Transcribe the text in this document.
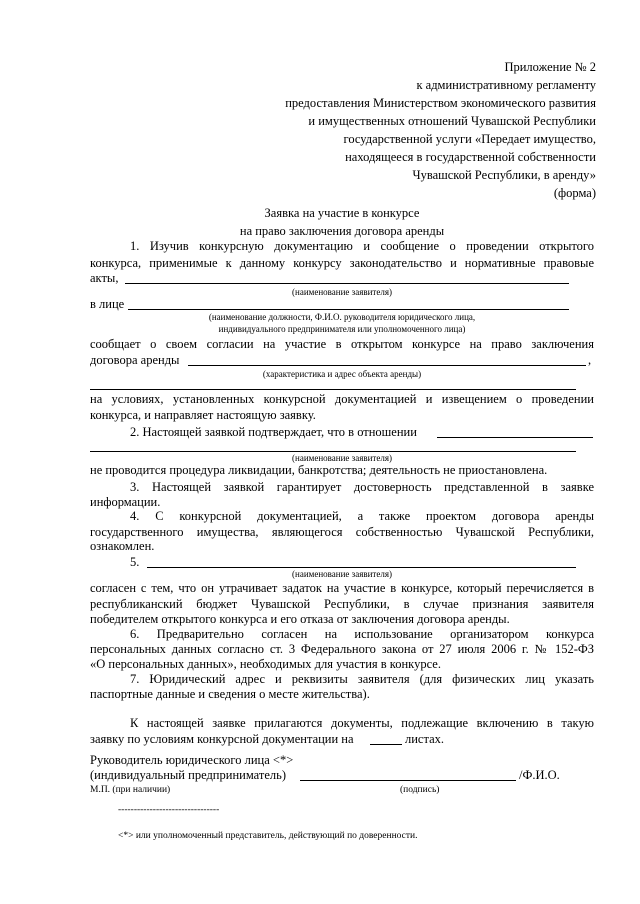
Приложение № 2
к административному регламенту
предоставления Министерством экономического развития
и имущественных отношений Чувашской Республики
государственной услуги «Передает имущество,
находящееся в государственной собственности
Чувашской Республики, в аренду»
(форма)
Заявка на участие в конкурсе
на право заключения договора аренды
1. Изучив конкурсную документацию и сообщение о проведении открытого
конкурса, применимые к данному конкурсу законодательство и нормативные правовые
акты,
(наименование заявителя)
в лице
(наименование должности, Ф.И.О. руководителя юридического лица,
индивидуального предпринимателя или уполномоченного лица)
сообщает о своем согласии на участие в открытом конкурсе на право заключения
договора аренды	,
(характеристика и адрес объекта аренды)
на условиях, установленных конкурсной документацией и извещением о проведении
конкурса, и направляет настоящую заявку.
2. Настоящей заявкой подтверждает, что в отношении
(наименование заявителя)
не проводится процедура ликвидации, банкротства; деятельность не приостановлена.
3. Настоящей заявкой гарантирует достоверность представленной в заявке
информации.
4. С конкурсной документацией, а также проектом договора аренды
государственного имущества, являющегося собственностью Чувашской Республики,
ознакомлен.
5.
(наименование заявителя)
согласен с тем, что он утрачивает задаток на участие в конкурсе, который перечисляется в
республиканский бюджет Чувашской Республики, в случае признания заявителя
победителем открытого конкурса и его отказа от заключения договора аренды.
6. Предварительно согласен на использование организатором конкурса
персональных данных согласно ст. 3 Федерального закона от 27 июля 2006 г. № 152-ФЗ
«О персональных данных», необходимых для участия в конкурсе.
7. Юридический адрес и реквизиты заявителя (для физических лиц указать
паспортные данные и сведения о месте жительства).
К настоящей заявке прилагаются документы, подлежащие включению в такую
заявку по условиям конкурсной документации на	листах.
Руководитель юридического лица <*>
(индивидуальный предприниматель)	/Ф.И.О.
М.П. (при наличии)	(подпись)
--------------------------------
<*> или уполномоченный представитель, действующий по доверенности.
